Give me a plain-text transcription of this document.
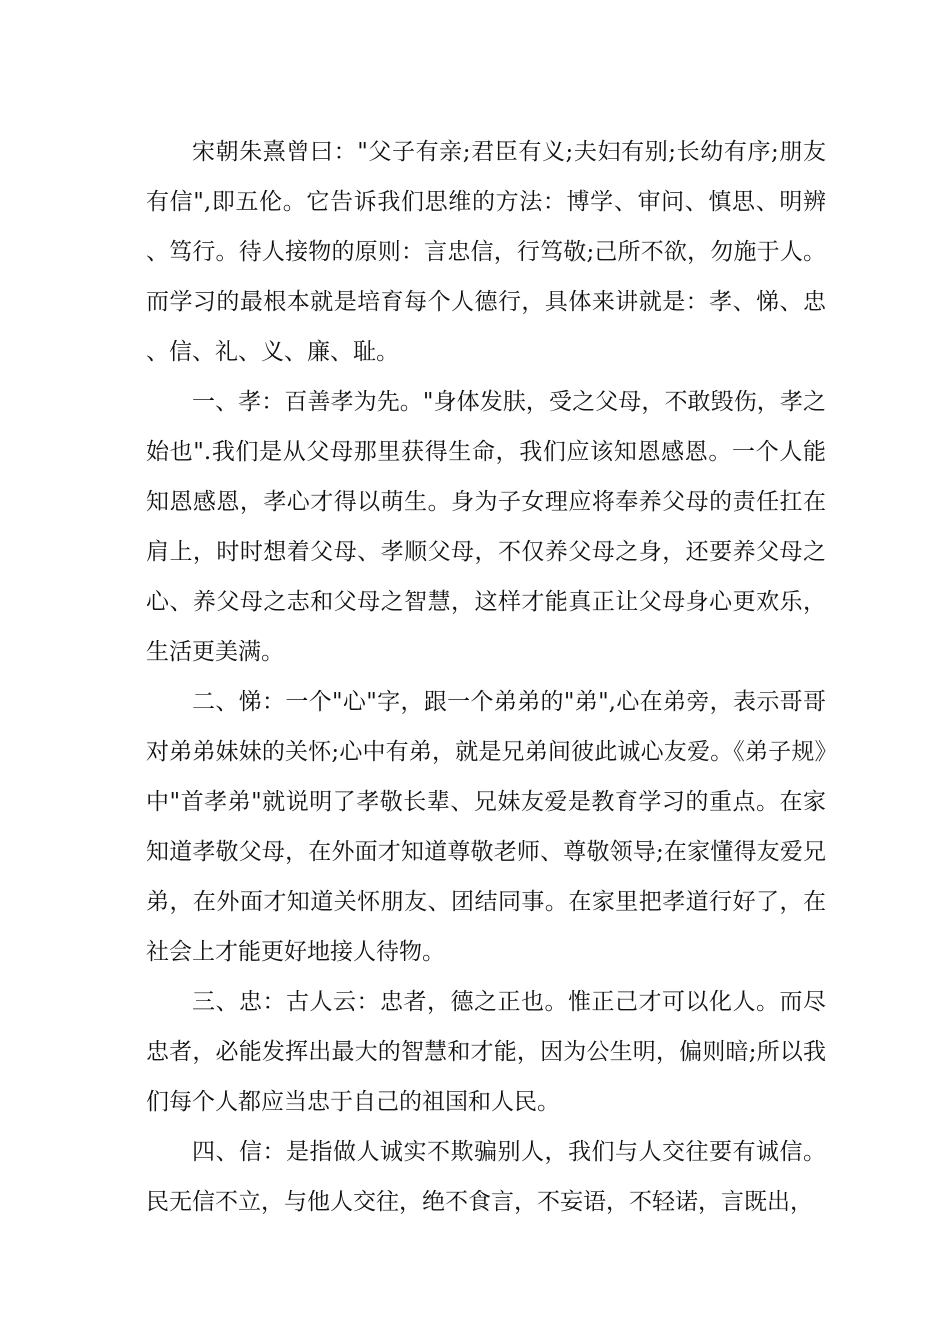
宋朝朱熹曾曰："父子有亲;君臣有义;夫妇有别;长幼有序;朋友有信",即五伦。它告诉我们思维的方法：博学、审问、慎思、明辨、笃行。待人接物的原则：言忠信，行笃敬;己所不欲，勿施于人。而学习的最根本就是培育每个人德行，具体来讲就是：孝、悌、忠、信、礼、义、廉、耻。

一、孝：百善孝为先。"身体发肤，受之父母，不敢毁伤，孝之始也".我们是从父母那里获得生命，我们应该知恩感恩。一个人能知恩感恩，孝心才得以萌生。身为子女理应将奉养父母的责任扛在肩上，时时想着父母、孝顺父母，不仅养父母之身，还要养父母之心、养父母之志和父母之智慧，这样才能真正让父母身心更欢乐，生活更美满。

二、悌：一个"心"字，跟一个弟弟的"弟",心在弟旁，表示哥哥对弟弟妹妹的关怀;心中有弟，就是兄弟间彼此诚心友爱。《弟子规》中"首孝弟"就说明了孝敬长辈、兄妹友爱是教育学习的重点。在家知道孝敬父母，在外面才知道尊敬老师、尊敬领导;在家懂得友爱兄弟，在外面才知道关怀朋友、团结同事。在家里把孝道行好了，在社会上才能更好地接人待物。

三、忠：古人云：忠者，德之正也。惟正己才可以化人。而尽忠者，必能发挥出最大的智慧和才能，因为公生明，偏则暗;所以我们每个人都应当忠于自己的祖国和人民。

四、信：是指做人诚实不欺骗别人，我们与人交往要有诚信。民无信不立，与他人交往，绝不食言，不妄语，不轻诺，言既出，
